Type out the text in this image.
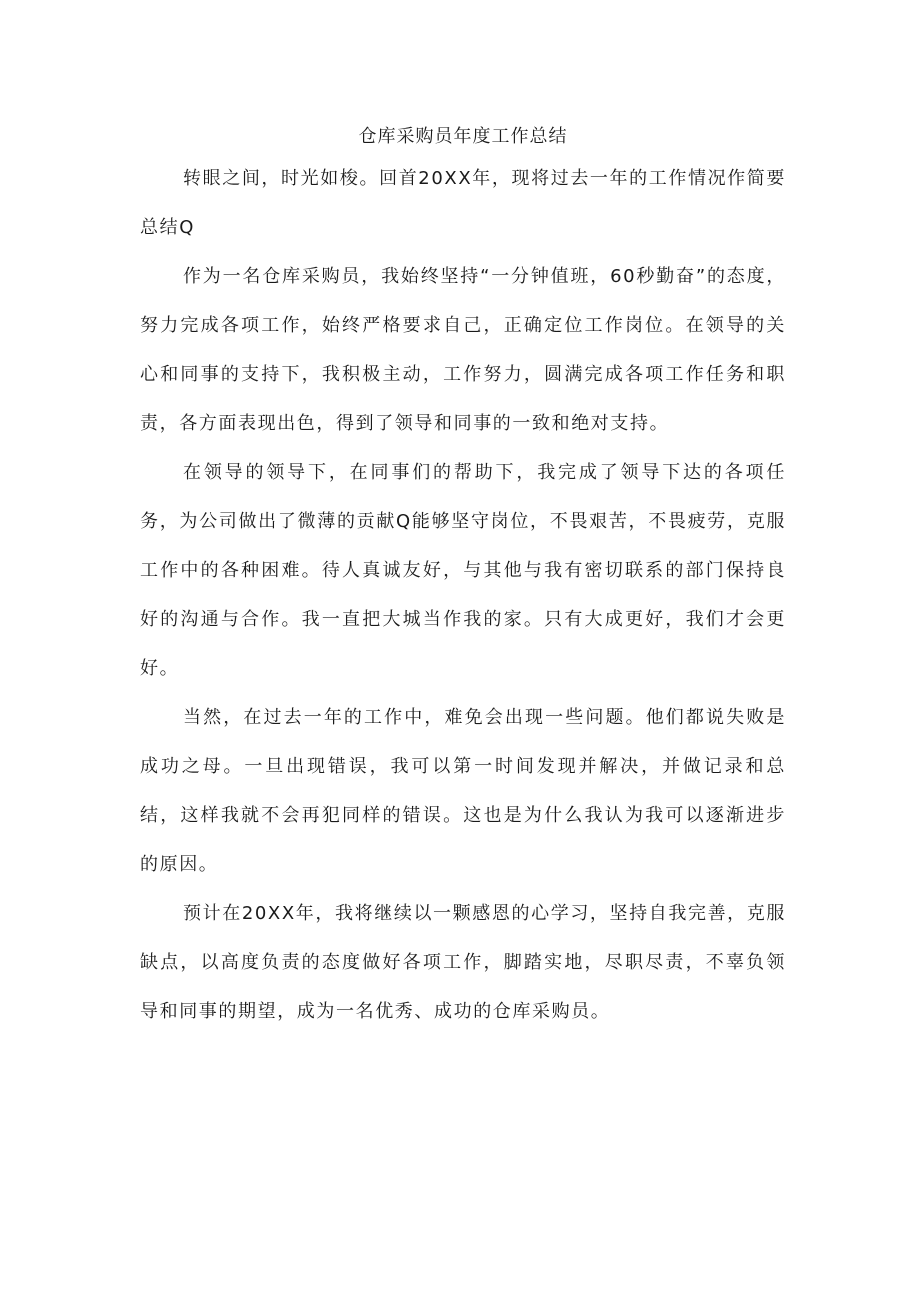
仓库采购员年度工作总结

转眼之间，时光如梭。回首20XX年，现将过去一年的工作情况作简要总结Q

作为一名仓库采购员，我始终坚持“一分钟值班，60秒勤奋”的态度，努力完成各项工作，始终严格要求自己，正确定位工作岗位。在领导的关心和同事的支持下，我积极主动，工作努力，圆满完成各项工作任务和职责，各方面表现出色，得到了领导和同事的一致和绝对支持。

在领导的领导下，在同事们的帮助下，我完成了领导下达的各项任务，为公司做出了微薄的贡献Q能够坚守岗位，不畏艰苦，不畏疲劳，克服工作中的各种困难。待人真诚友好，与其他与我有密切联系的部门保持良好的沟通与合作。我一直把大城当作我的家。只有大成更好，我们才会更好。

当然，在过去一年的工作中，难免会出现一些问题。他们都说失败是成功之母。一旦出现错误，我可以第一时间发现并解决，并做记录和总结，这样我就不会再犯同样的错误。这也是为什么我认为我可以逐渐进步的原因。

预计在20XX年，我将继续以一颗感恩的心学习，坚持自我完善，克服缺点，以高度负责的态度做好各项工作，脚踏实地，尽职尽责，不辜负领导和同事的期望，成为一名优秀、成功的仓库采购员。
